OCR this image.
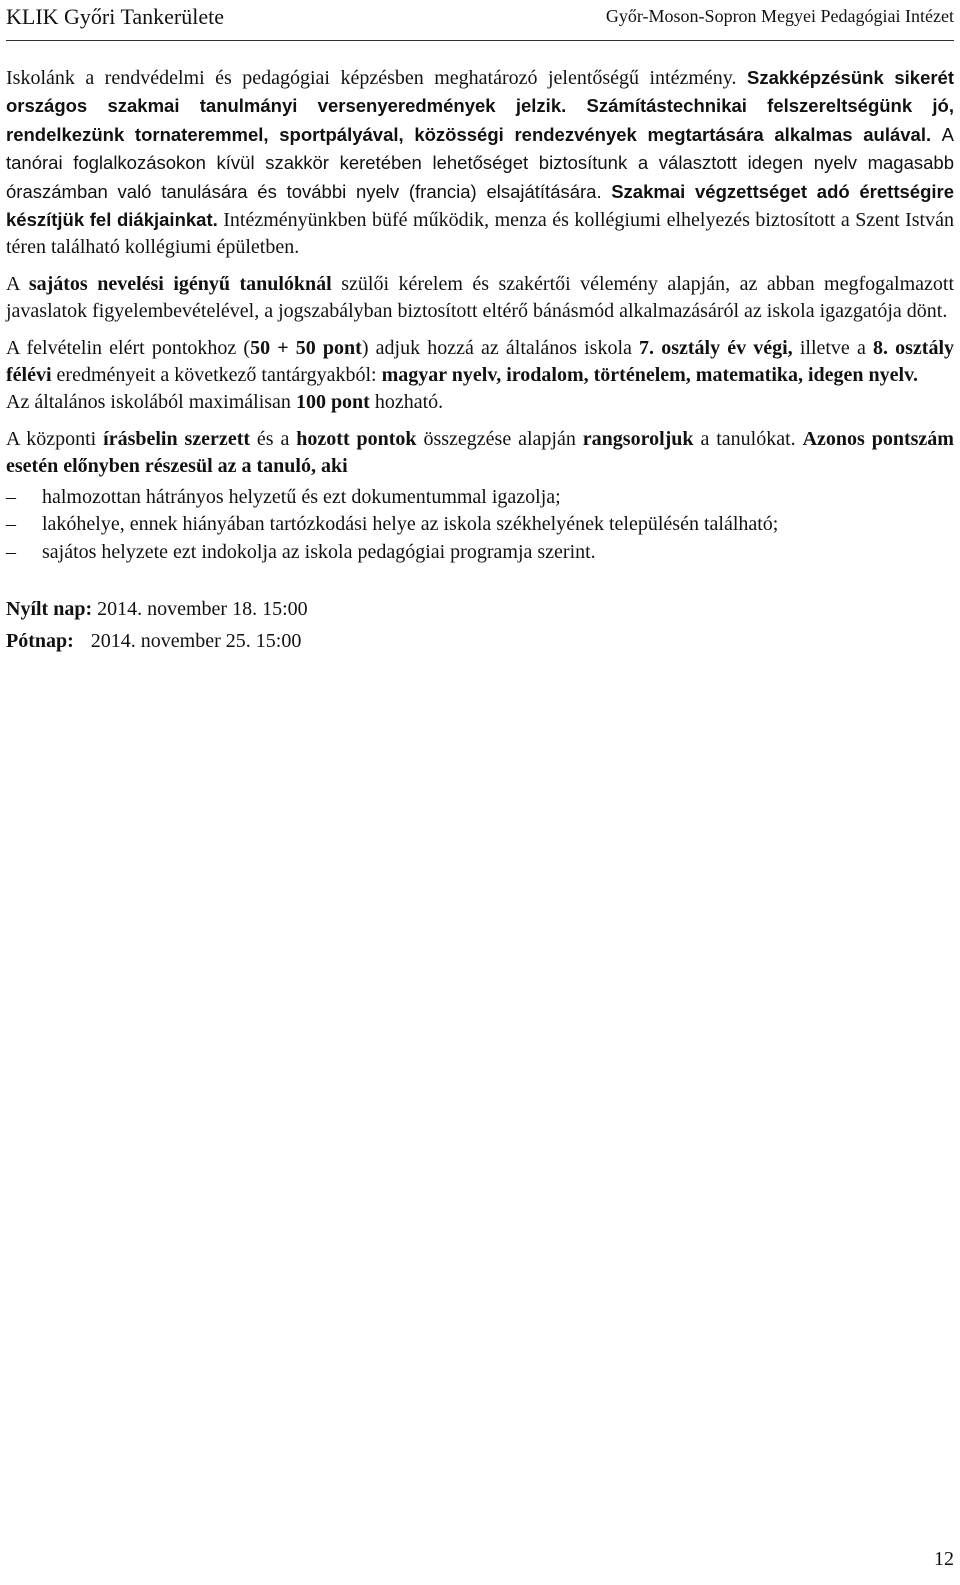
KLIK Győri Tankerülete	Győr-Moson-Sopron Megyei Pedagógiai Intézet

Iskolánk a rendvédelmi és pedagógiai képzésben meghatározó jelentőségű intézmény. Szakképzésünk sikerét országos szakmai tanulmányi versenyeredmények jelzik. Számítástechnikai felszereltségünk jó, rendelkezünk tornateremmel, sportpályával, közösségi rendezvények megtartására alkalmas aulával. A tanórai foglalkozásokon kívül szakkör keretében lehetőséget biztosítunk a választott idegen nyelv magasabb óraszámban való tanulására és további nyelv (francia) elsajátítására. Szakmai végzettséget adó érettségire készítjük fel diákjainkat. Intézményünkben büfé működik, menza és kollégiumi elhelyezés biztosított a Szent István téren található kollégiumi épületben.

A sajátos nevelési igényű tanulóknál szülői kérelem és szakértői vélemény alapján, az abban megfogalmazott javaslatok figyelembevételével, a jogszabályban biztosított eltérő bánásmód alkalmazásáról az iskola igazgatója dönt.

A felvételin elért pontokhoz (50 + 50 pont) adjuk hozzá az általános iskola 7. osztály év végi, illetve a 8. osztály félévi eredményeit a következő tantárgyakból: magyar nyelv, irodalom, történelem, matematika, idegen nyelv.
Az általános iskolából maximálisan 100 pont hozható.

A központi írásbelin szerzett és a hozott pontok összegzése alapján rangsoroljuk a tanulókat. Azonos pontszám esetén előnyben részesül az a tanuló, aki

– halmozottan hátrányos helyzetű és ezt dokumentummal igazolja;
– lakóhelye, ennek hiányában tartózkodási helye az iskola székhelyének településén található;
– sajátos helyzete ezt indokolja az iskola pedagógiai programja szerint.

Nyílt nap: 2014. november 18. 15:00
Pótnap: 2014. november 25. 15:00

12
